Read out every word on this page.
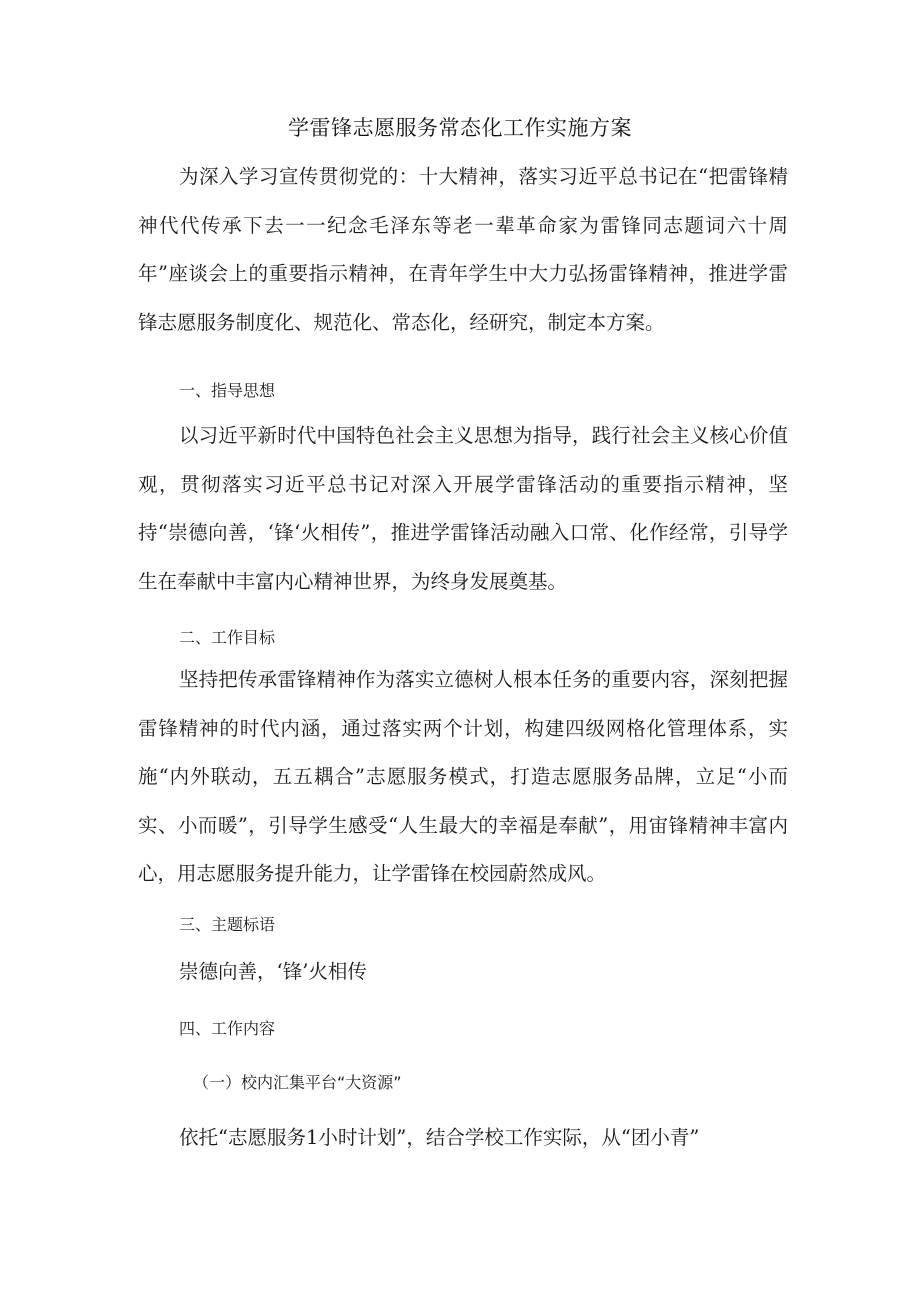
学雷锋志愿服务常态化工作实施方案

为深入学习宣传贯彻党的：十大精神，落实习近平总书记在“把雷锋精神代代传承下去一一纪念毛泽东等老一辈革命家为雷锋同志题词六十周年”座谈会上的重要指示精神，在青年学生中大力弘扬雷锋精神，推进学雷锋志愿服务制度化、规范化、常态化，经研究，制定本方案。

一、指导思想

以习近平新时代中国特色社会主义思想为指导，践行社会主义核心价值观，贯彻落实习近平总书记对深入开展学雷锋活动的重要指示精神，坚持“崇德向善，‘锋‘火相传”，推进学雷锋活动融入口常、化作经常，引导学生在奉献中丰富内心精神世界，为终身发展奠基。

二、工作目标

坚持把传承雷锋精神作为落实立德树人根本任务的重要内容，深刻把握雷锋精神的时代内涵，通过落实两个计划，构建四级网格化管理体系，实施“内外联动，五五耦合”志愿服务模式，打造志愿服务品牌，立足“小而实、小而暖”，引导学生感受“人生最大的幸福是奉献”，用宙锋精神丰富内心，用志愿服务提升能力，让学雷锋在校园蔚然成风。

三、主题标语
崇德向善，‘锋’火相传
四、工作内容
（一）校内汇集平台“大资源”

依托“志愿服务1小时计划”，结合学校工作实际，从“团小青”
